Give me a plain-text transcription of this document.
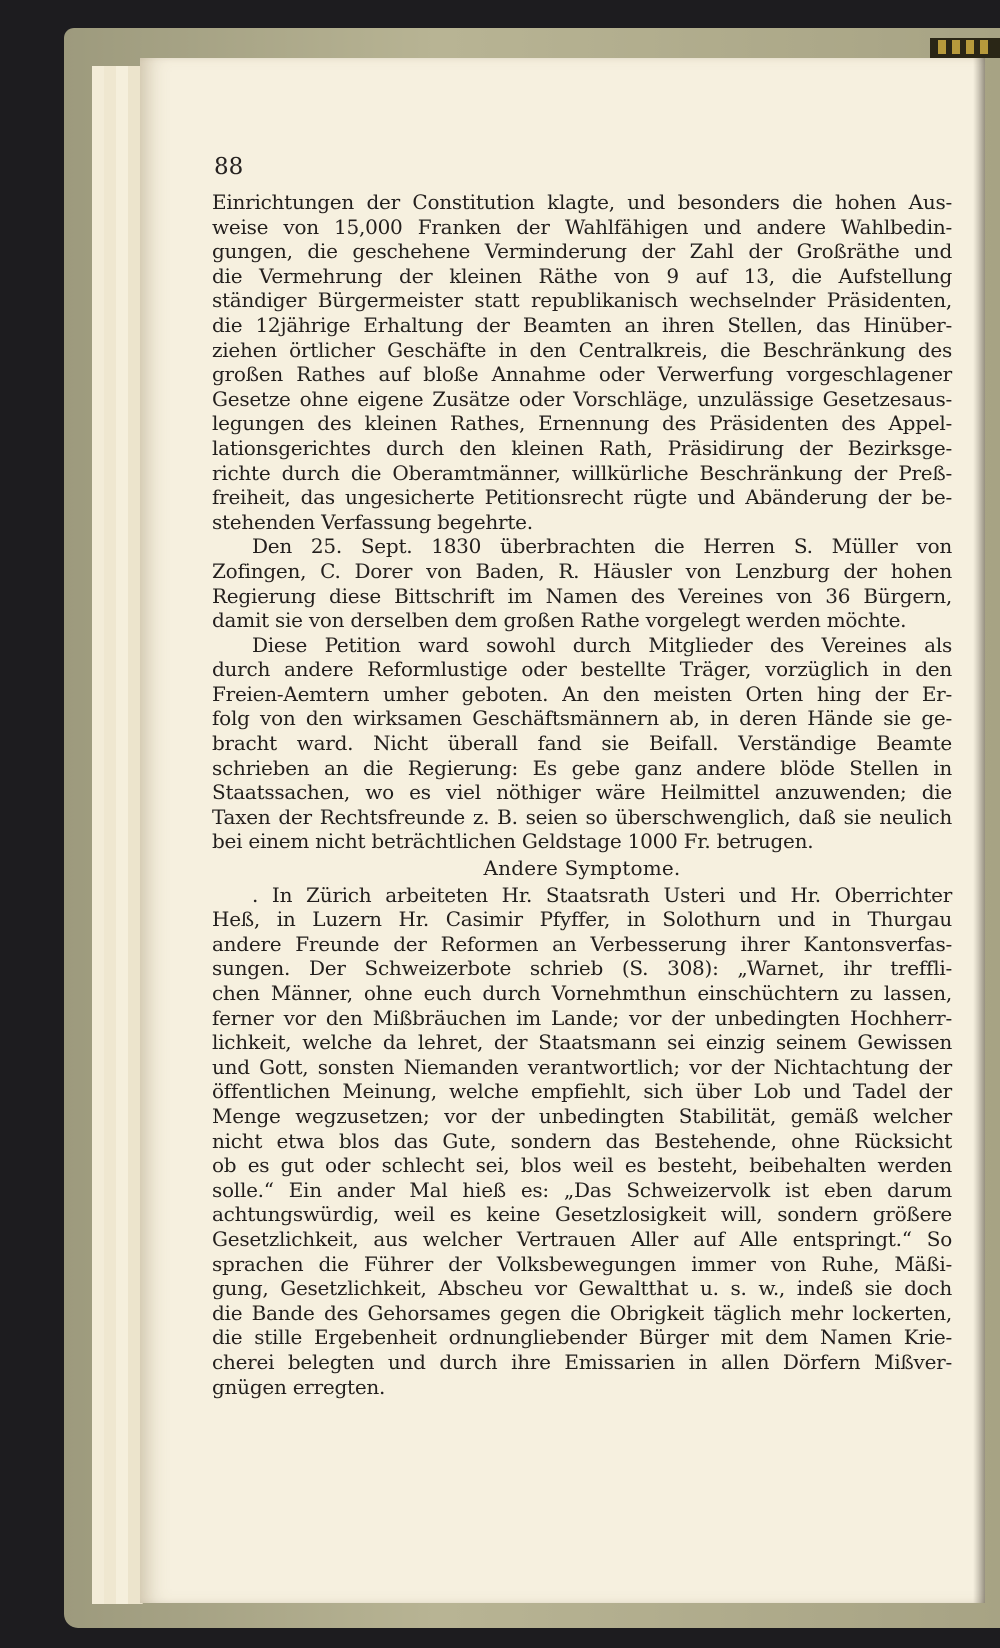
88
Einrichtungen der Constitution klagte, und besonders die hohen Aus-
weise von 15,000 Franken der Wahlfähigen und andere Wahlbedin-
gungen, die geschehene Verminderung der Zahl der Großräthe und
die Vermehrung der kleinen Räthe von 9 auf 13, die Aufstellung
ständiger Bürgermeister statt republikanisch wechselnder Präsidenten,
die 12jährige Erhaltung der Beamten an ihren Stellen, das Hinüber-
ziehen örtlicher Geschäfte in den Centralkreis, die Beschränkung des
großen Rathes auf bloße Annahme oder Verwerfung vorgeschlagener
Gesetze ohne eigene Zusätze oder Vorschläge, unzulässige Gesetzesaus-
legungen des kleinen Rathes, Ernennung des Präsidenten des Appel-
lationsgerichtes durch den kleinen Rath, Präsidirung der Bezirksge-
richte durch die Oberamtmänner, willkürliche Beschränkung der Preß-
freiheit, das ungesicherte Petitionsrecht rügte und Abänderung der be-
stehenden Verfassung begehrte.
Den 25. Sept. 1830 überbrachten die Herren S. Müller von
Zofingen, C. Dorer von Baden, R. Häusler von Lenzburg der hohen
Regierung diese Bittschrift im Namen des Vereines von 36 Bürgern,
damit sie von derselben dem großen Rathe vorgelegt werden möchte.
Diese Petition ward sowohl durch Mitglieder des Vereines als
durch andere Reformlustige oder bestellte Träger, vorzüglich in den
Freien-Aemtern umher geboten. An den meisten Orten hing der Er-
folg von den wirksamen Geschäftsmännern ab, in deren Hände sie ge-
bracht ward. Nicht überall fand sie Beifall. Verständige Beamte
schrieben an die Regierung: Es gebe ganz andere blöde Stellen in
Staatssachen, wo es viel nöthiger wäre Heilmittel anzuwenden; die
Taxen der Rechtsfreunde z. B. seien so überschwenglich, daß sie neulich
bei einem nicht beträchtlichen Geldstage 1000 Fr. betrugen.
Andere Symptome.
. In Zürich arbeiteten Hr. Staatsrath Usteri und Hr. Oberrichter
Heß, in Luzern Hr. Casimir Pfyffer, in Solothurn und in Thurgau
andere Freunde der Reformen an Verbesserung ihrer Kantonsverfas-
sungen. Der Schweizerbote schrieb (S. 308): „Warnet, ihr treffli-
chen Männer, ohne euch durch Vornehmthun einschüchtern zu lassen,
ferner vor den Mißbräuchen im Lande; vor der unbedingten Hochherr-
lichkeit, welche da lehret, der Staatsmann sei einzig seinem Gewissen
und Gott, sonsten Niemanden verantwortlich; vor der Nichtachtung der
öffentlichen Meinung, welche empfiehlt, sich über Lob und Tadel der
Menge wegzusetzen; vor der unbedingten Stabilität, gemäß welcher
nicht etwa blos das Gute, sondern das Bestehende, ohne Rücksicht
ob es gut oder schlecht sei, blos weil es besteht, beibehalten werden
solle.“ Ein ander Mal hieß es: „Das Schweizervolk ist eben darum
achtungswürdig, weil es keine Gesetzlosigkeit will, sondern größere
Gesetzlichkeit, aus welcher Vertrauen Aller auf Alle entspringt.“ So
sprachen die Führer der Volksbewegungen immer von Ruhe, Mäßi-
gung, Gesetzlichkeit, Abscheu vor Gewaltthat u. s. w., indeß sie doch
die Bande des Gehorsames gegen die Obrigkeit täglich mehr lockerten,
die stille Ergebenheit ordnungliebender Bürger mit dem Namen Krie-
cherei belegten und durch ihre Emissarien in allen Dörfern Mißver-
gnügen erregten.
